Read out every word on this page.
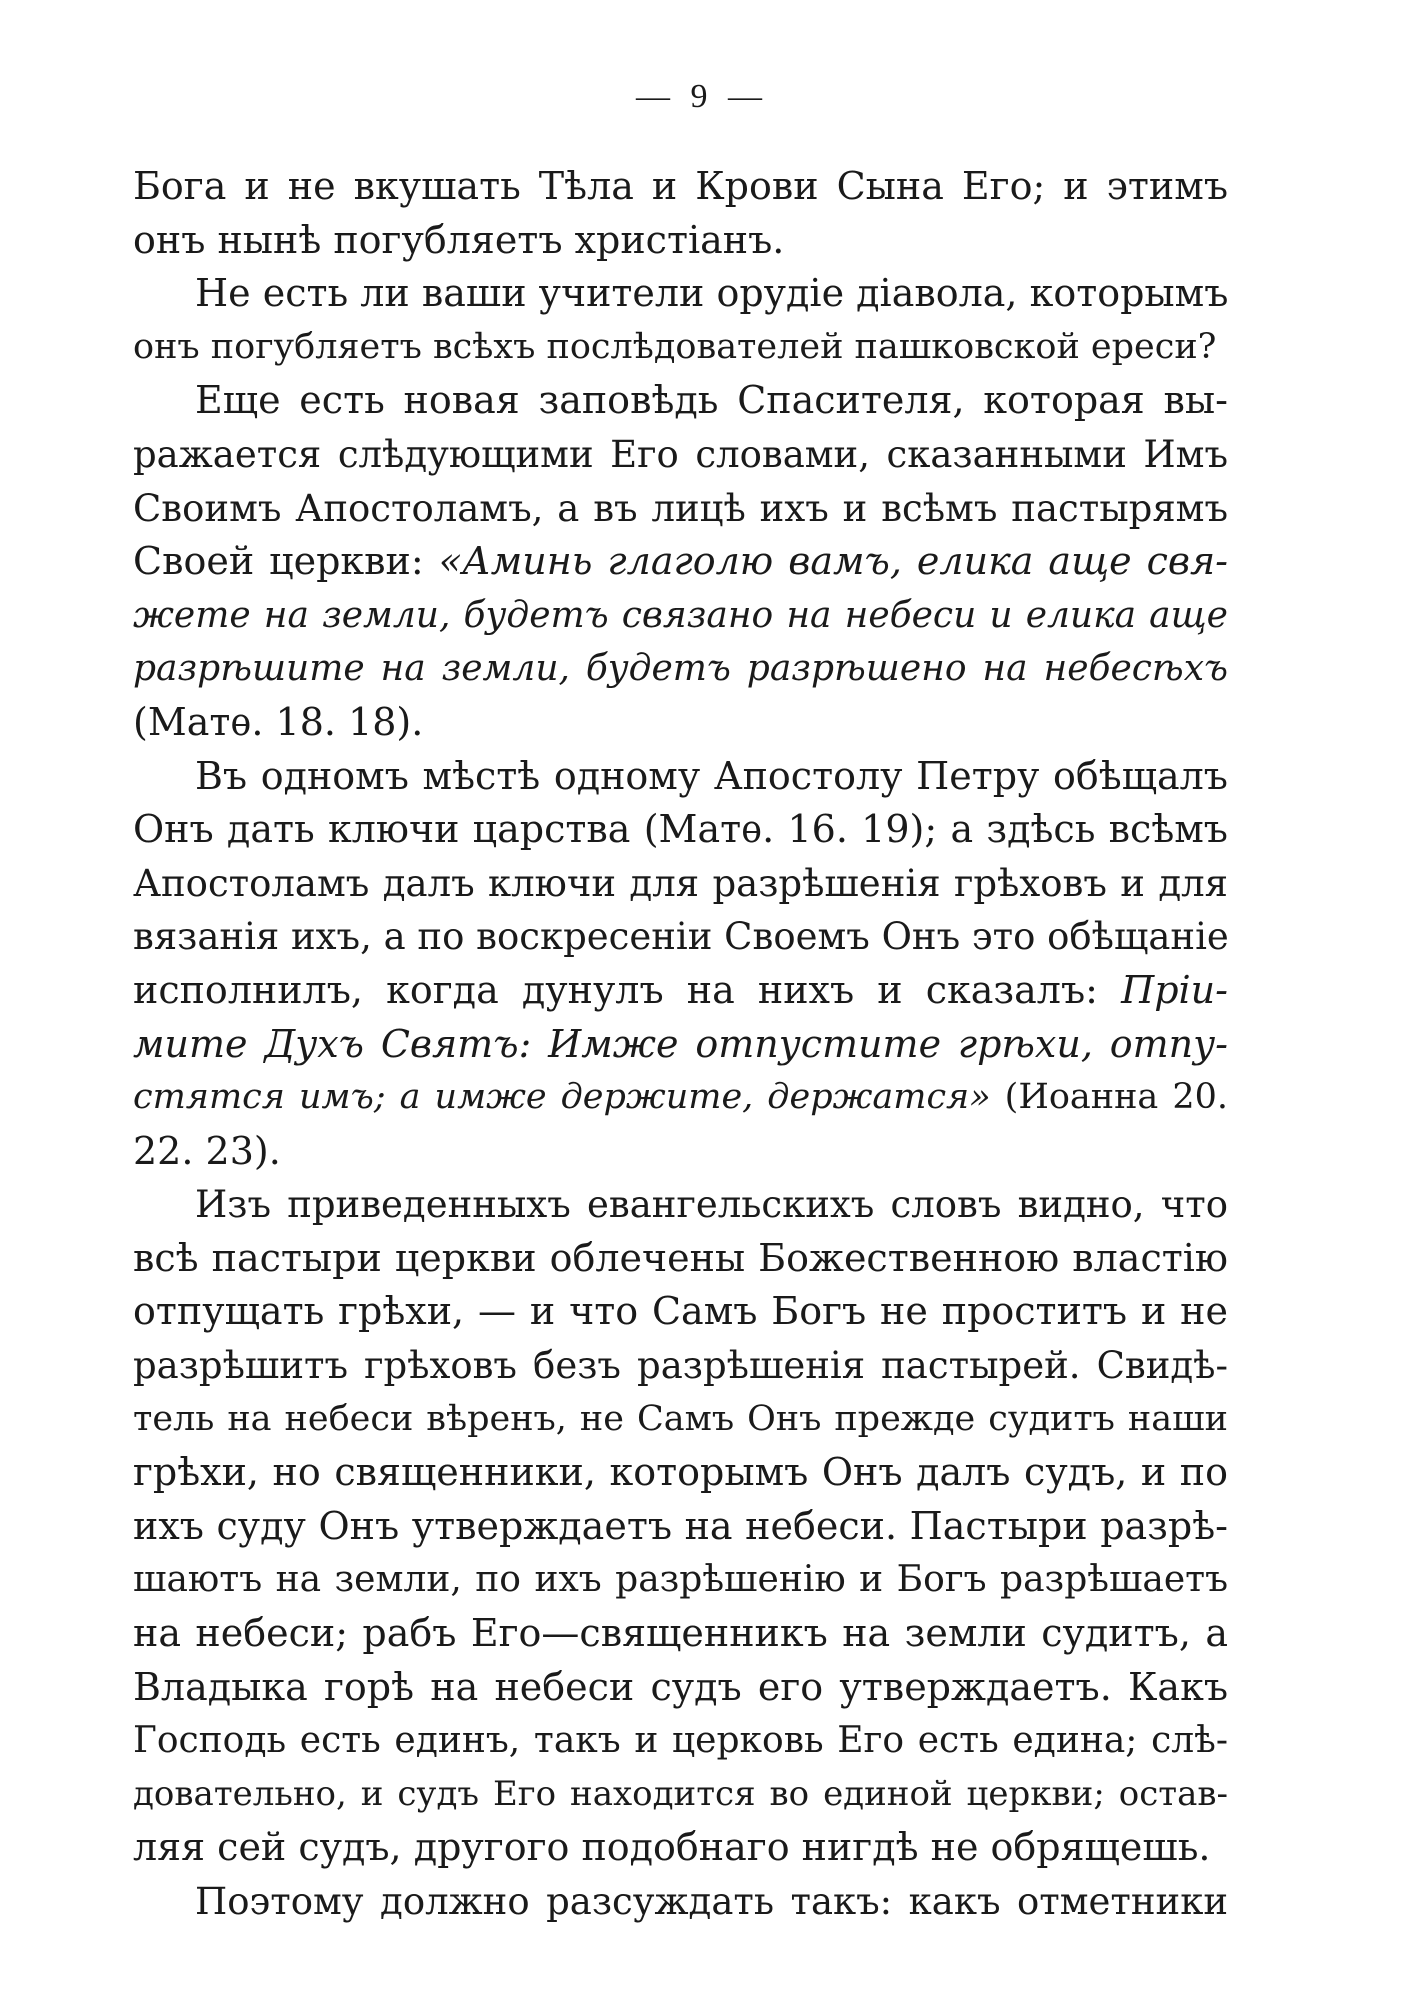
— 9 —
Бога и не вкушать Тѣла и Крови Сына Его; и этимъ
онъ нынѣ погубляетъ христiанъ.
Не есть ли ваши учители орудiе дiавола, которымъ
онъ погубляетъ всѣхъ послѣдователей пашковской ереси?
Еще есть новая заповѣдь Спасителя, которая вы-
ражается слѣдующими Его словами, сказанными Имъ
Своимъ Апостоламъ, а въ лицѣ ихъ и всѣмъ пастырямъ
Своей церкви: «Аминь глаголю вамъ, елика аще свя-
жете на земли, будетъ связано на небеси и елика аще
разрѣшите на земли, будетъ разрѣшено на небесѣхъ
(Матѳ. 18. 18).
Въ одномъ мѣстѣ одному Апостолу Петру обѣщалъ
Онъ дать ключи царства (Матѳ. 16. 19); а здѣсь всѣмъ
Апостоламъ далъ ключи для разрѣшенiя грѣховъ и для
вязанiя ихъ, а по воскресенiи Своемъ Онъ это обѣщанiе
исполнилъ, когда дунулъ на нихъ и сказалъ: Прiи-
мите Духъ Святъ: Имже отпустите грѣхи, отпу-
стятся имъ; а имже держите, держатся» (Иоанна 20.
22. 23).
Изъ приведенныхъ евангельскихъ словъ видно, что
всѣ пастыри церкви облечены Божественною властiю
отпущать грѣхи, — и что Самъ Богъ не проститъ и не
разрѣшитъ грѣховъ безъ разрѣшенiя пастырей. Свидѣ-
тель на небеси вѣренъ, не Самъ Онъ прежде судитъ наши
грѣхи, но священники, которымъ Онъ далъ судъ, и по
ихъ суду Онъ утверждаетъ на небеси. Пастыри разрѣ-
шаютъ на земли, по ихъ разрѣшенiю и Богъ разрѣшаетъ
на небеси; рабъ Его—священникъ на земли судитъ, а
Владыка горѣ на небеси судъ его утверждаетъ. Какъ
Господь есть единъ, такъ и церковь Его есть едина; слѣ-
довательно, и судъ Его находится во единой церкви; остав-
ляя сей судъ, другого подобнаго нигдѣ не обрящешь.
Поэтому должно разсуждать такъ: какъ отметники
